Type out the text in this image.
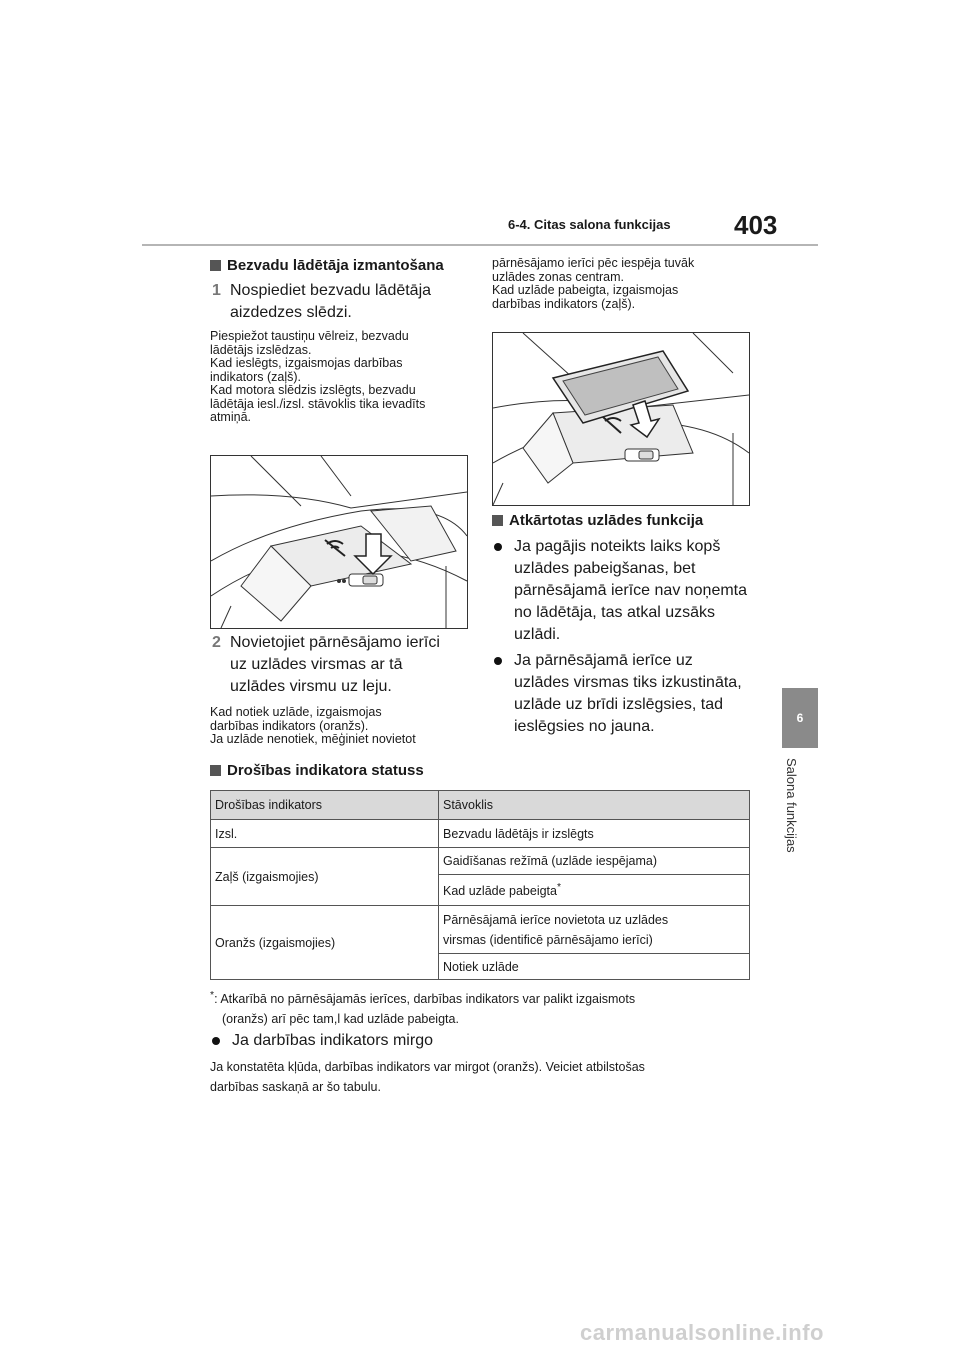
6-4. Citas salona funkcijas 403
6
Salona funkcijas
Bezvadu lādētāja izmantošana
1 Nospiediet bezvadu lādētāja
aizdedzes slēdzi.
Piespiežot taustiņu vēlreiz, bezvadu
lādētājs izslēdzas.
Kad ieslēgts, izgaismojas darbības
indikators (zaļš).
Kad motora slēdzis izslēgts, bezvadu
lādētāja iesl./izsl. stāvoklis tika ievadīts
atmiņā.
2 Novietojiet pārnēsājamo ierīci
uz uzlādes virsmas ar tā
uzlādes virsmu uz leju.
Kad notiek uzlāde, izgaismojas
darbības indikators (oranžs).
Ja uzlāde nenotiek, mēģiniet novietot
pārnēsājamo ierīci pēc iespēja tuvāk
uzlādes zonas centram.
Kad uzlāde pabeigta, izgaismojas
darbības indikators (zaļš).
Atkārtotas uzlādes funkcija
Ja pagājis noteikts laiks kopš
uzlādes pabeigšanas, bet
pārnēsājamā ierīce nav noņemta
no lādētāja, tas atkal uzsāks
uzlādi.
Ja pārnēsājamā ierīce uz
uzlādes virsmas tiks izkustināta,
uzlāde uz brīdi izslēgsies, tad
ieslēgsies no jauna.
Drošības indikatora statuss
Drošības indikators	Stāvoklis
Izsl.	Bezvadu lādētājs ir izslēgts
Zaļš (izgaismojies)	Gaidīšanas režīmā (uzlāde iespējama)
	Kad uzlāde pabeigta*
Oranžs (izgaismojies)	Pārnēsājamā ierīce novietota uz uzlādes
virsmas (identificē pārnēsājamo ierīci)
	Notiek uzlāde
*: Atkarībā no pārnēsājamās ierīces, darbības indikators var palikt izgaismots
(oranžs) arī pēc tam,l kad uzlāde pabeigta.
Ja darbības indikators mirgo
Ja konstatēta kļūda, darbības indikators var mirgot (oranžs). Veiciet atbilstošas
darbības saskaņā ar šo tabulu.
carmanualsonline.info
